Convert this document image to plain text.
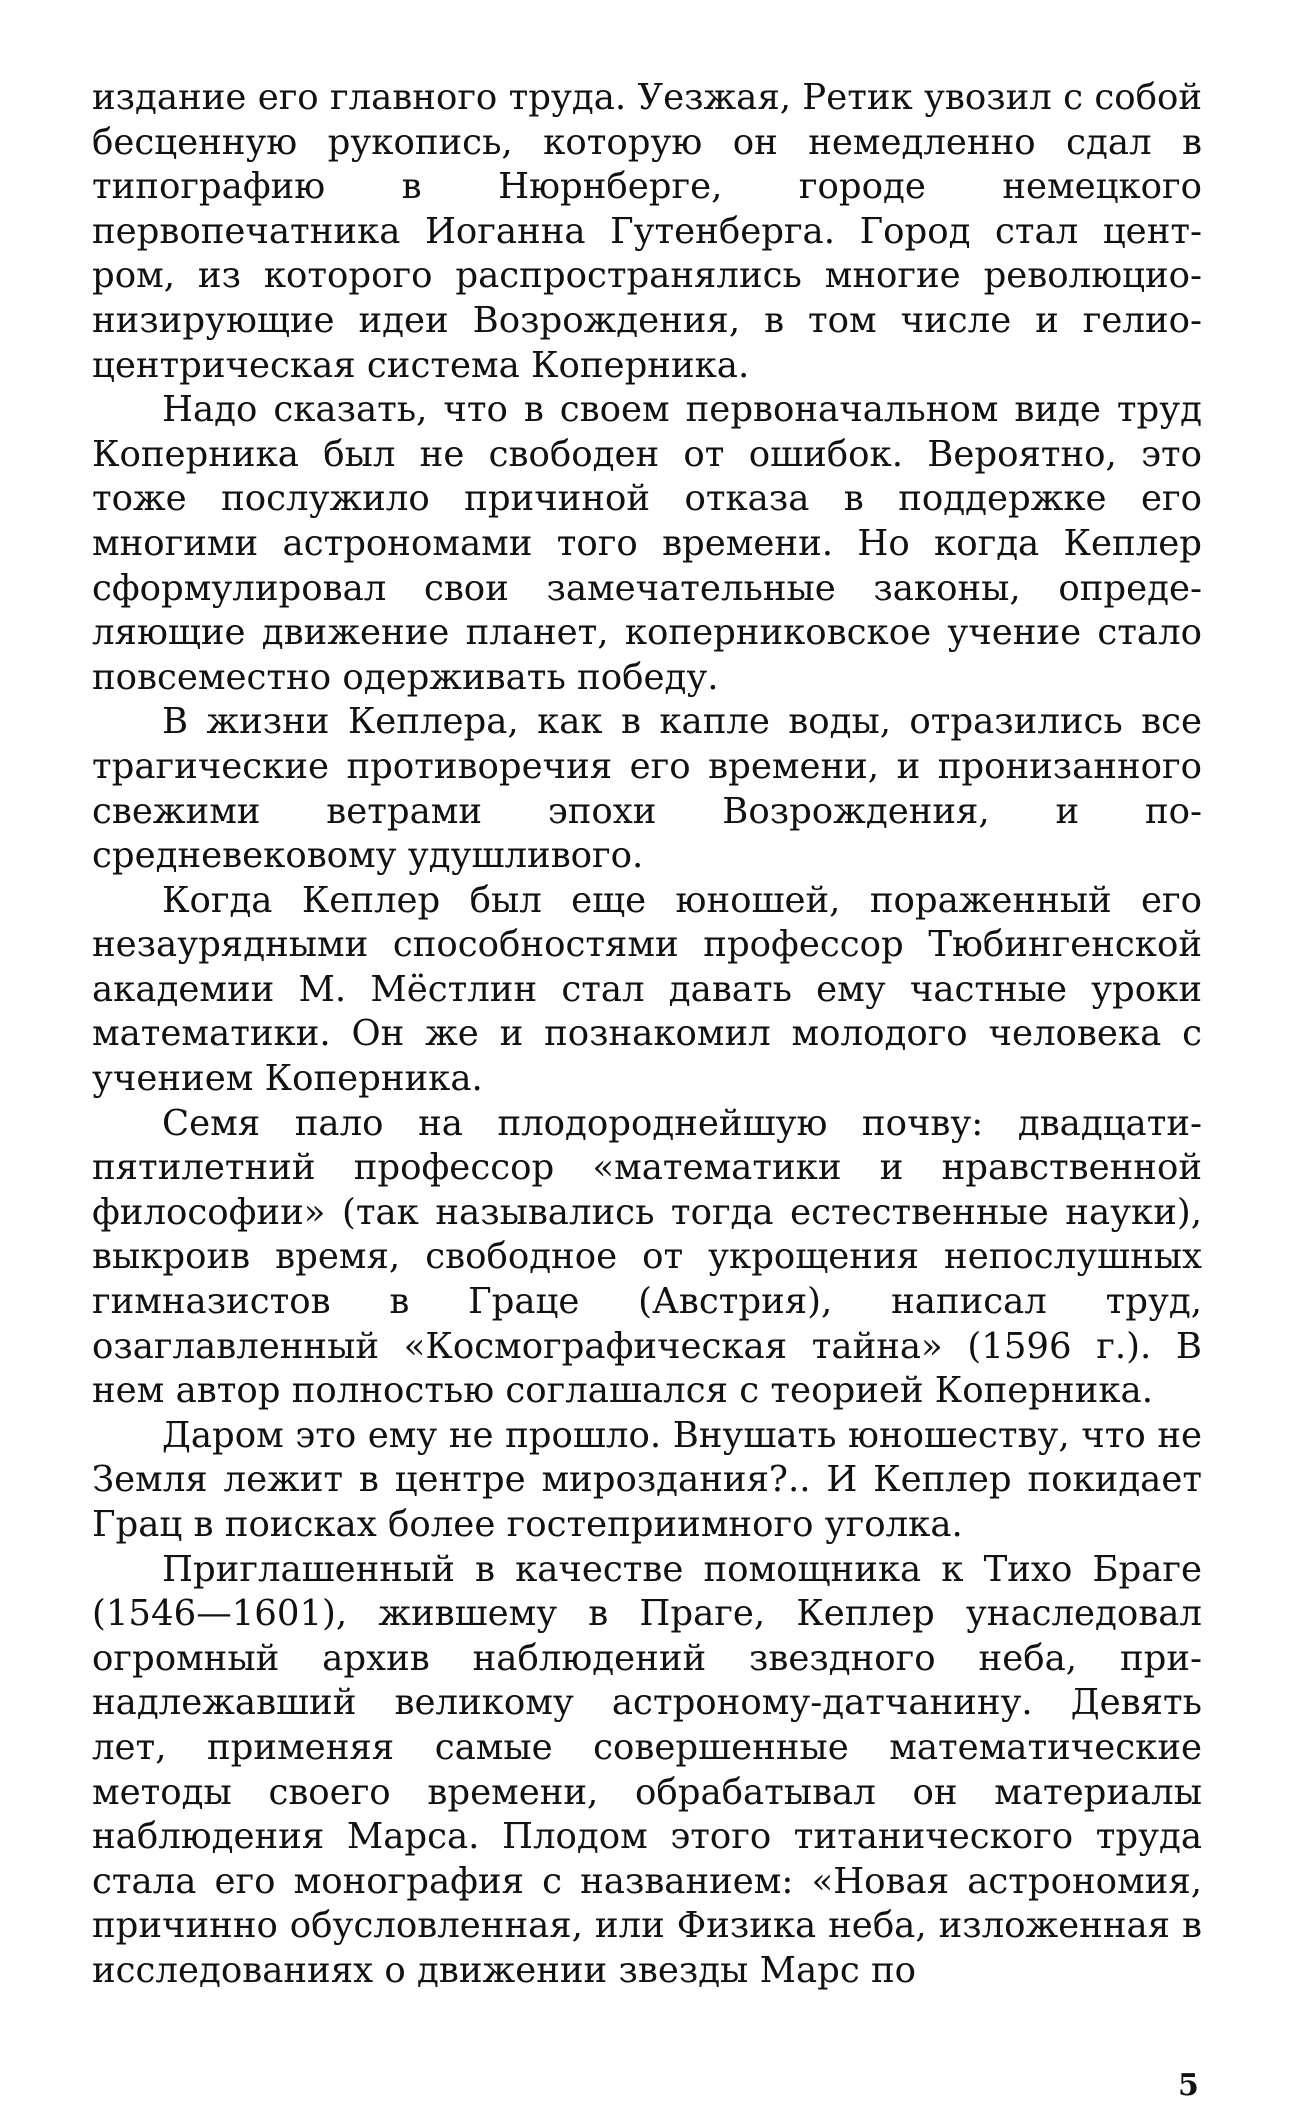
издание его главного труда. Уезжая, Ретик увозил с собой бесценную рукопись, которую он немедленно сдал в типографию в Нюрнберге, городе немецкого первопечатника Иоганна Гутенберга. Город стал центром, из которого распространялись многие революционизирующие идеи Возрождения, в том числе и гелиоцентрическая система Коперника.

Надо сказать, что в своем первоначальном виде труд Коперника был не свободен от ошибок. Вероятно, это тоже послужило причиной отказа в поддержке его многими астрономами того времени. Но когда Кеплер сформулировал свои замечательные законы, определяющие движение планет, коперниковское учение стало повсеместно одерживать победу.

В жизни Кеплера, как в капле воды, отразились все трагические противоречия его времени, и пронизанного свежими ветрами эпохи Возрождения, и посредневековому удушливого.

Когда Кеплер был еще юношей, пораженный его незаурядными способностями профессор Тюбингенской академии М. Мёстлин стал давать ему частные уроки математики. Он же и познакомил молодого человека с учением Коперника.

Семя пало на плодороднейшую почву: двадцатипятилетний профессор «математики и нравственной философии» (так назывались тогда естественные науки), выкроив время, свободное от укрощения непослушных гимназистов в Граце (Австрия), написал труд, озаглавленный «Космографическая тайна» (1596 г.). В нем автор полностью соглашался с теорией Коперника.

Даром это ему не прошло. Внушать юношеству, что не Земля лежит в центре мироздания?.. И Кеплер покидает Грац в поисках более гостеприимного уголка.

Приглашенный в качестве помощника к Тихо Браге (1546—1601), жившему в Праге, Кеплер унаследовал огромный архив наблюдений звездного неба, принадлежавший великому астроному-датчанину. Девять лет, применяя самые совершенные математические методы своего времени, обрабатывал он материалы наблюдения Марса. Плодом этого титанического труда стала его монография с названием: «Новая астрономия, причинно обусловленная, или Физика неба, изложенная в исследованиях о движении звезды Марс по

5
